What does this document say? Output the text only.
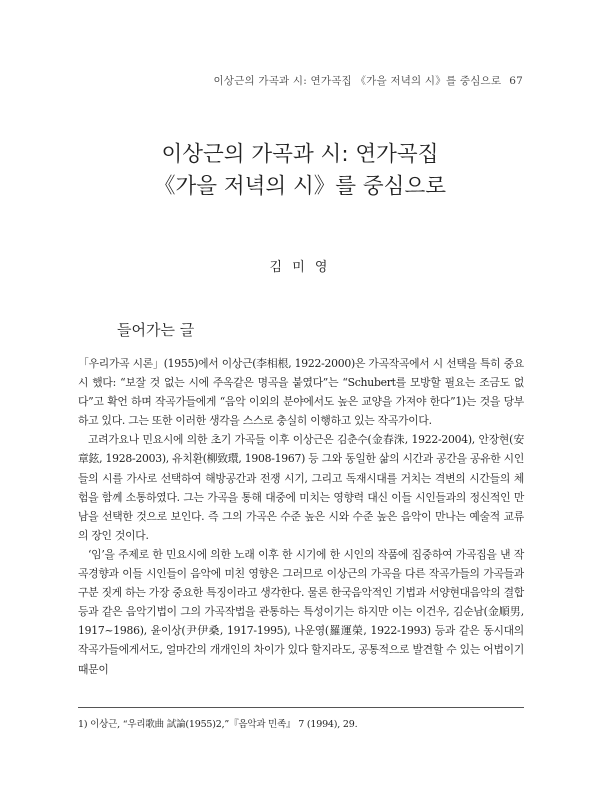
이상근의 가곡과 시: 연가곡집 《가을 저녁의 시》를 중심으로 67
이상근의 가곡과 시: 연가곡집
《가을 저녁의 시》를 중심으로
김 미 영
들어가는 글

「우리가곡 시론」(1955)에서 이상근(李相根, 1922-2000)은 가곡작곡에서 시 선택을 특히 중요시 했다: “보잘 것 없는 시에 주옥같은 명곡을 붙였다”는 “Schubert를 모방할 필요는 조금도 없다”고 확언 하며 작곡가들에게 “음악 이외의 분야에서도 높은 교양을 가져야 한다”1)는 것을 당부하고 있다. 그는 또한 이러한 생각을 스스로 충실히 이행하고 있는 작곡가이다.

고려가요나 민요시에 의한 초기 가곡들 이후 이상근은 김춘수(金春洙, 1922-2004), 안장현(安章鉉, 1928-2003), 유치환(柳致環, 1908-1967) 등 그와 동일한 삶의 시간과 공간을 공유한 시인들의 시를 가사로 선택하여 해방공간과 전쟁 시기, 그리고 독재시대를 거치는 격변의 시간들의 체험을 함께 소통하였다. 그는 가곡을 통해 대중에 미치는 영향력 대신 이들 시인들과의 정신적인 만남을 선택한 것으로 보인다. 즉 그의 가곡은 수준 높은 시와 수준 높은 음악이 만나는 예술적 교류의 장인 것이다.

‘임’을 주제로 한 민요시에 의한 노래 이후 한 시기에 한 시인의 작품에 집중하여 가곡집을 낸 작곡경향과 이들 시인들이 음악에 미친 영향은 그러므로 이상근의 가곡을 다른 작곡가들의 가곡들과 구분 짓게 하는 가장 중요한 특징이라고 생각한다. 물론 한국음악적인 기법과 서양현대음악의 결합 등과 같은 음악기법이 그의 가곡작법을 관통하는 특성이기는 하지만 이는 이건우, 김순남(金順男, 1917~1986), 윤이상(尹伊桑, 1917-1995), 나운영(羅運榮, 1922-1993) 등과 같은 동시대의 작곡가들에게서도, 얼마간의 개개인의 차이가 있다 할지라도, 공통적으로 발견할 수 있는 어법이기 때문이

1) 이상근, “우리歌曲 試論(1955)2,”『음악과 민족』 7 (1994), 29.
